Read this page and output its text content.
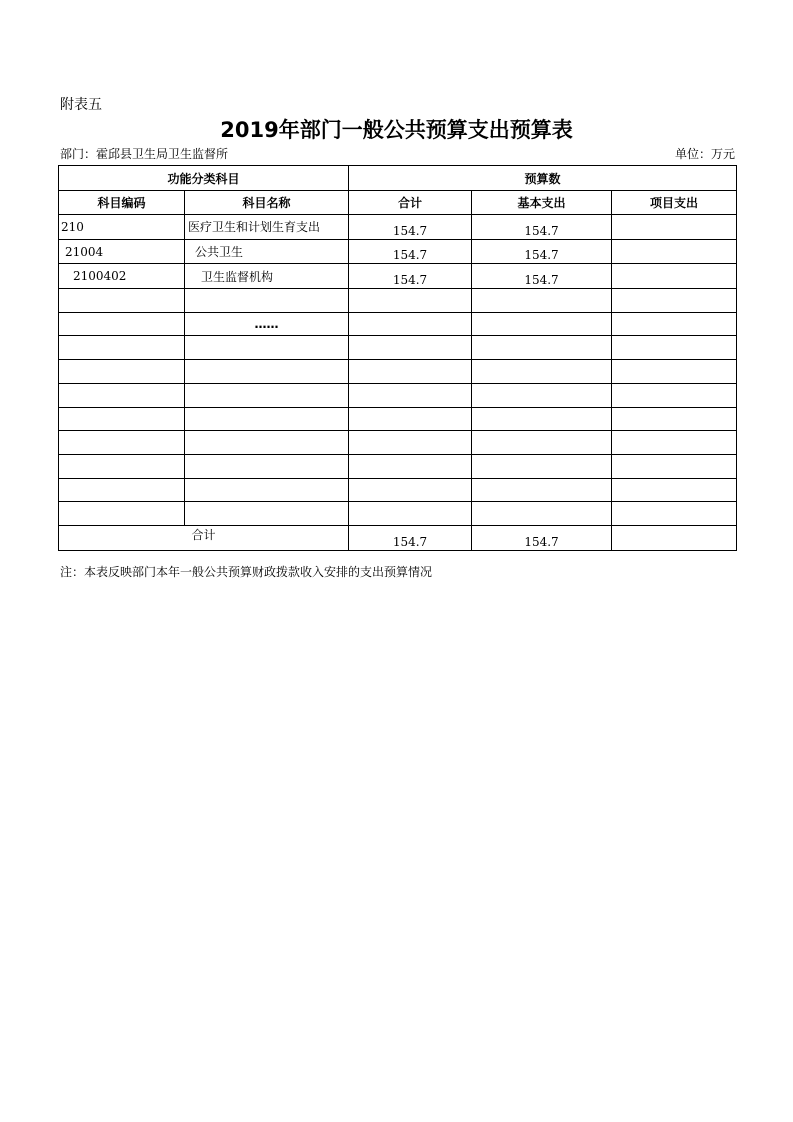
附表五
2019年部门一般公共预算支出预算表
部门：霍邱县卫生局卫生监督所	单位：万元
功能分类科目		预算数		
科目编码	科目名称	合计	基本支出	项目支出
210	医疗卫生和计划生育支出	154.7	154.7	
21004	公共卫生	154.7	154.7	
2100402	卫生监督机构	154.7	154.7	

	……			

合计		154.7	154.7	
注：本表反映部门本年一般公共预算财政拨款收入安排的支出预算情况
